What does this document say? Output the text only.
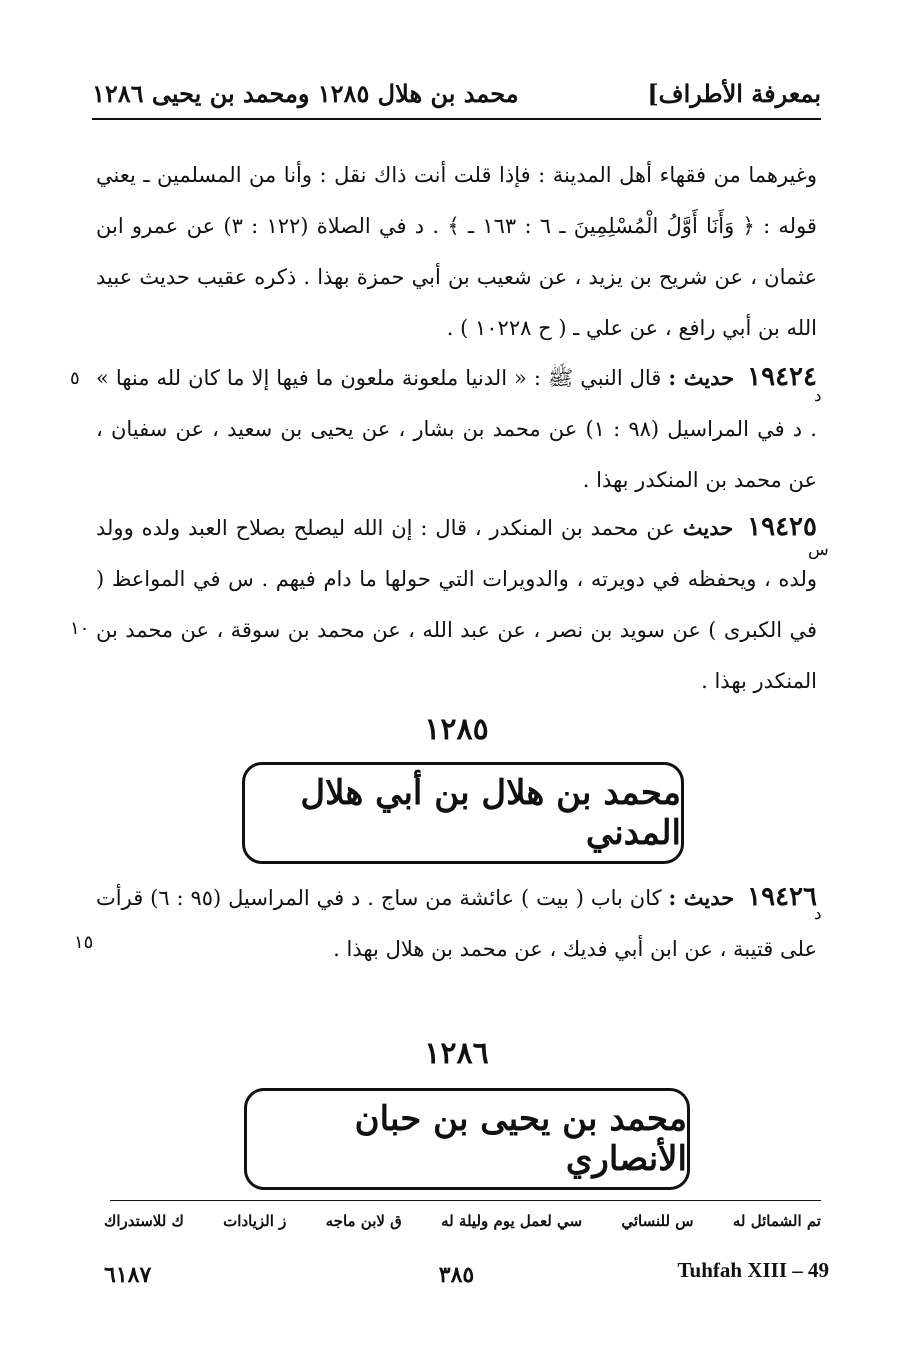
بمعرفة الأطراف]
محمد بن هلال ١٢٨٥ ومحمد بن يحيى ١٢٨٦
وغيرهما من فقهاء أهل المدينة : فإذا قلت أنت ذاك نقل : وأنا من المسلمين ـ يعني قوله : ﴿ وَأَنَا أَوَّلُ الْمُسْلِمِينَ ـ ٦ : ١٦٣ ـ ﴾ . د في الصلاة (١٢٢ : ٣) عن عمرو ابن عثمان ، عن شريح بن يزيد ، عن شعيب بن أبي حمزة بهذا . ذكره عقيب حديث عبيد الله بن أبي رافع ، عن علي ـ ( ح ١٠٢٢٨ ) .
١٩٤٢٤ حديث : قال النبي ﷺ : « الدنيا ملعونة ملعون ما فيها إلا ما كان لله منها » . د في المراسيل (٩٨ : ١) عن محمد بن بشار ، عن يحيى بن سعيد ، عن سفيان ، عن محمد بن المنكدر بهذا .
د
٥
١٩٤٢٥ حديث عن محمد بن المنكدر ، قال : إن الله ليصلح بصلاح العبد ولده وولد ولده ، ويحفظه في دويرته ، والدويرات التي حولها ما دام فيهم . س في المواعظ ( في الكبرى ) عن سويد بن نصر ، عن عبد الله ، عن محمد بن سوقة ، عن محمد بن المنكدر بهذا .
س
١٠
١٢٨٥
محمد بن هلال بن أبي هلال المدني
١٩٤٢٦ حديث : كان باب ( بيت ) عائشة من ساج . د في المراسيل (٩٥ : ٦) قرأت على قتيبة ، عن ابن أبي فديك ، عن محمد بن هلال بهذا .
د
١٥
١٢٨٦
محمد بن يحيى بن حبان الأنصاري
تم الشمائل له
س للنسائي
سي لعمل يوم وليلة له
ق لابن ماجه
ز الزيادات
ك للاستدراك
٦١٨٧	٣٨٥	Tuhfah XIII – 49
